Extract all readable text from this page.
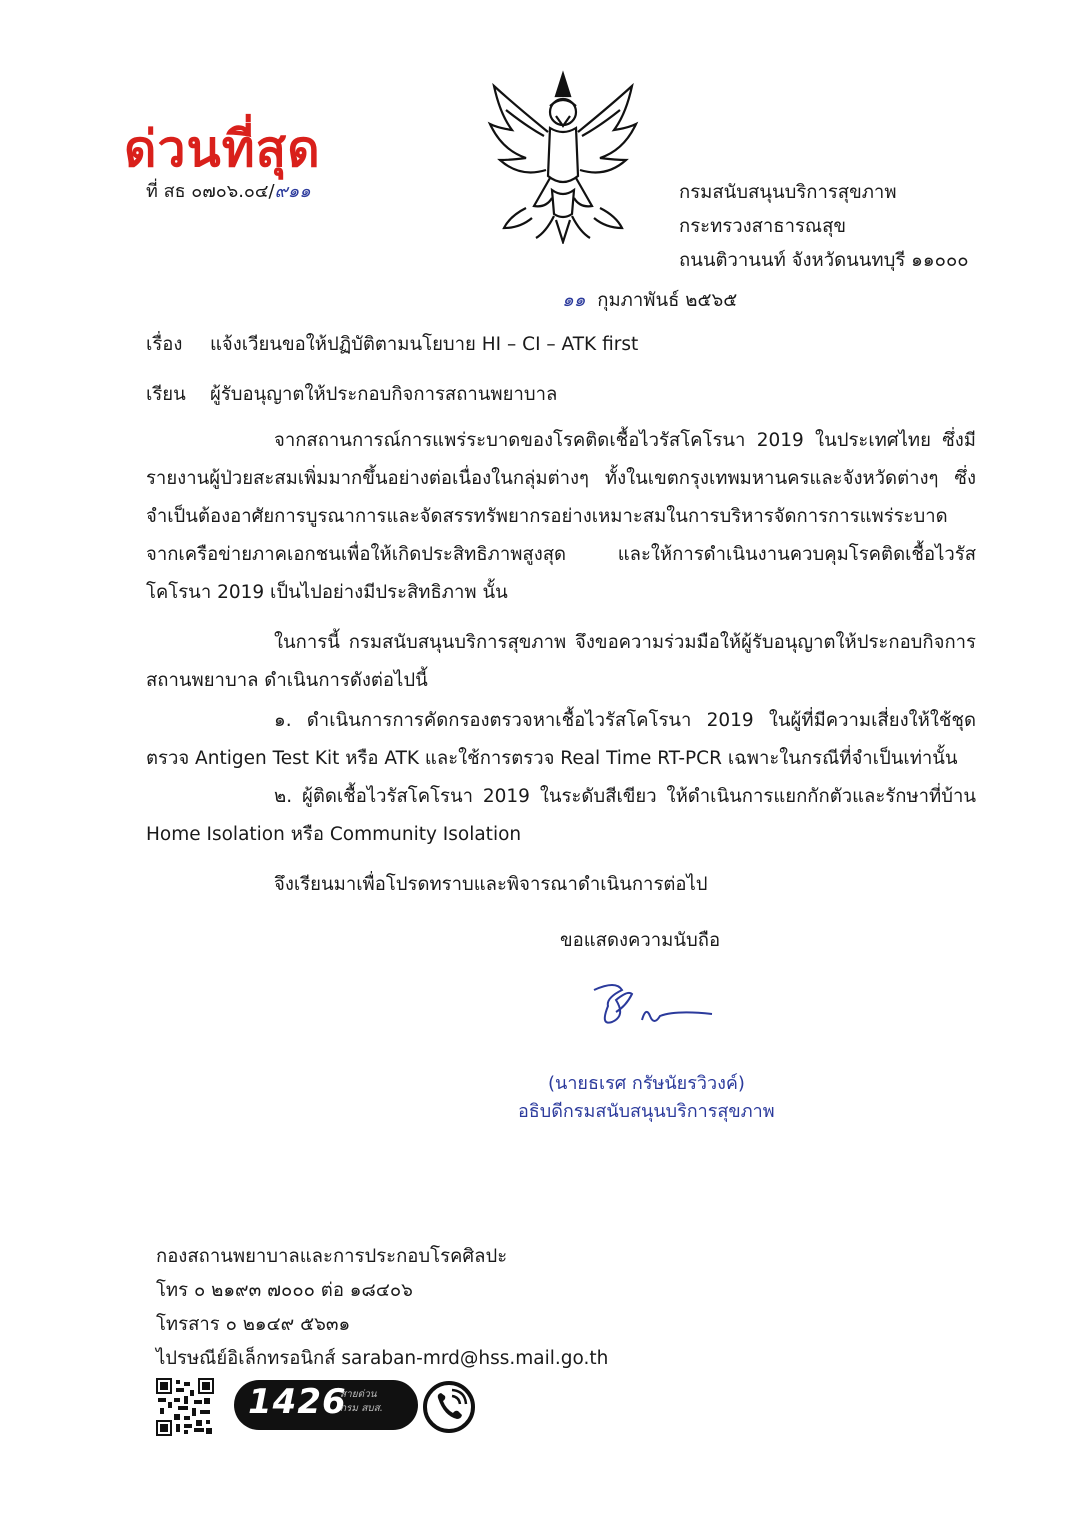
ด่วนที่สุด
ที่ สธ ๐๗๐๖.๐๔/๙๑๑	กรมสนับสนุนบริการสุขภาพ
กระทรวงสาธารณสุข
ถนนติวานนท์ จังหวัดนนทบุรี ๑๑๐๐๐
๑๑ กุมภาพันธ์ ๒๕๖๕
เรื่อง แจ้งเวียนขอให้ปฏิบัติตามนโยบาย HI – CI – ATK first
เรียน ผู้รับอนุญาตให้ประกอบกิจการสถานพยาบาล
จากสถานการณ์การแพร่ระบาดของโรคติดเชื้อไวรัสโคโรนา 2019 ในประเทศไทย ซึ่งมีรายงานผู้ป่วยสะสมเพิ่มมากขึ้นอย่างต่อเนื่องในกลุ่มต่างๆ ทั้งในเขตกรุงเทพมหานครและจังหวัดต่างๆ ซึ่งจำเป็นต้องอาศัยการบูรณาการและจัดสรรทรัพยากรอย่างเหมาะสมในการบริหารจัดการการแพร่ระบาดจากเครือข่ายภาคเอกชนเพื่อให้เกิดประสิทธิภาพสูงสุด และให้การดำเนินงานควบคุมโรคติดเชื้อไวรัสโคโรนา 2019 เป็นไปอย่างมีประสิทธิภาพ นั้น
ในการนี้ กรมสนับสนุนบริการสุขภาพ จึงขอความร่วมมือให้ผู้รับอนุญาตให้ประกอบกิจการสถานพยาบาล ดำเนินการดังต่อไปนี้
๑. ดำเนินการการคัดกรองตรวจหาเชื้อไวรัสโคโรนา 2019 ในผู้ที่มีความเสี่ยงให้ใช้ชุดตรวจ Antigen Test Kit หรือ ATK และใช้การตรวจ Real Time RT-PCR เฉพาะในกรณีที่จำเป็นเท่านั้น
๒. ผู้ติดเชื้อไวรัสโคโรนา 2019 ในระดับสีเขียว ให้ดำเนินการแยกกักตัวและรักษาที่บ้าน Home Isolation หรือ Community Isolation
จึงเรียนมาเพื่อโปรดทราบและพิจารณาดำเนินการต่อไป
ขอแสดงความนับถือ
(นายธเรศ กรัษนัยรวิวงค์)
อธิบดีกรมสนับสนุนบริการสุขภาพ
กองสถานพยาบาลและการประกอบโรคศิลปะ
โทร ๐ ๒๑๙๓ ๗๐๐๐ ต่อ ๑๘๔๐๖
โทรสาร ๐ ๒๑๔๙ ๕๖๓๑
ไปรษณีย์อิเล็กทรอนิกส์ saraban-mrd@hss.mail.go.th
1426
สายด่วน
กรม สบส.
